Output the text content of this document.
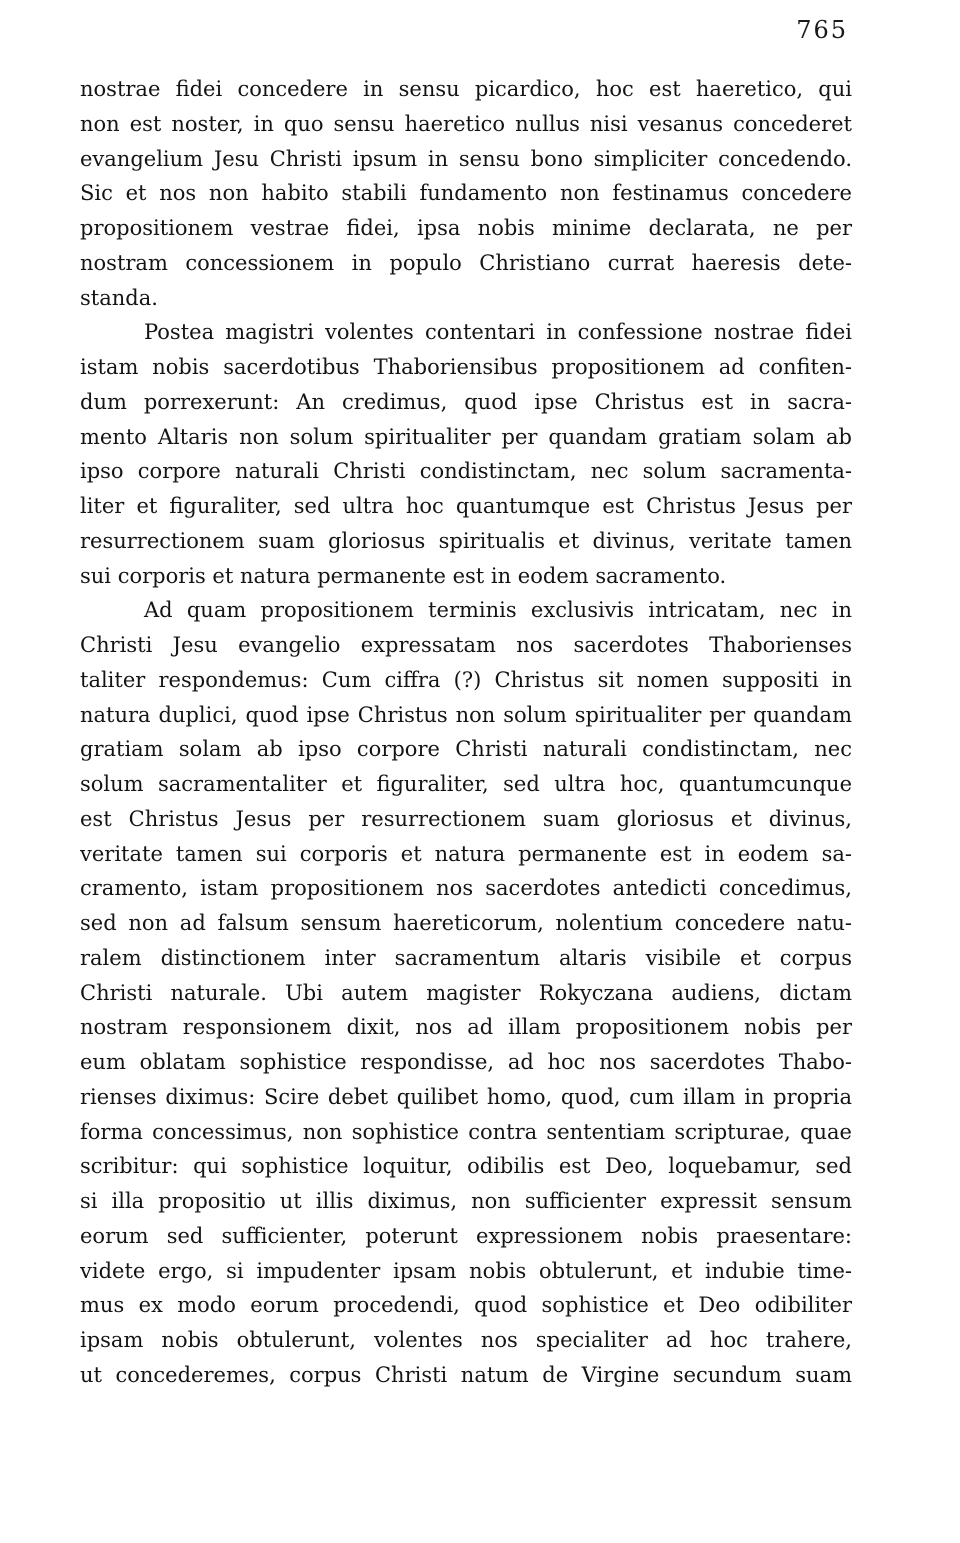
765
nostrae fidei concedere in sensu picardico, hoc est haeretico, qui
non est noster, in quo sensu haeretico nullus nisi vesanus concederet
evangelium Jesu Christi ipsum in sensu bono simpliciter concedendo.
Sic et nos non habito stabili fundamento non festinamus concedere
propositionem vestrae fidei, ipsa nobis minime declarata, ne per
nostram concessionem in populo Christiano currat haeresis dete-
standa.
Postea magistri volentes contentari in confessione nostrae fidei
istam nobis sacerdotibus Thaboriensibus propositionem ad confiten-
dum porrexerunt: An credimus, quod ipse Christus est in sacra-
mento Altaris non solum spiritualiter per quandam gratiam solam ab
ipso corpore naturali Christi condistinctam, nec solum sacramenta-
liter et figuraliter, sed ultra hoc quantumque est Christus Jesus per
resurrectionem suam gloriosus spiritualis et divinus, veritate tamen
sui corporis et natura permanente est in eodem sacramento.
Ad quam propositionem terminis exclusivis intricatam, nec in
Christi Jesu evangelio expressatam nos sacerdotes Thaborienses
taliter respondemus: Cum ciffra (?) Christus sit nomen suppositi in
natura duplici, quod ipse Christus non solum spiritualiter per quandam
gratiam solam ab ipso corpore Christi naturali condistinctam, nec
solum sacramentaliter et figuraliter, sed ultra hoc, quantumcunque
est Christus Jesus per resurrectionem suam gloriosus et divinus,
veritate tamen sui corporis et natura permanente est in eodem sa-
cramento, istam propositionem nos sacerdotes antedicti concedimus,
sed non ad falsum sensum haereticorum, nolentium concedere natu-
ralem distinctionem inter sacramentum altaris visibile et corpus
Christi naturale. Ubi autem magister Rokyczana audiens, dictam
nostram responsionem dixit, nos ad illam propositionem nobis per
eum oblatam sophistice respondisse, ad hoc nos sacerdotes Thabo-
rienses diximus: Scire debet quilibet homo, quod, cum illam in propria
forma concessimus, non sophistice contra sententiam scripturae, quae
scribitur: qui sophistice loquitur, odibilis est Deo, loquebamur, sed
si illa propositio ut illis diximus, non sufficienter expressit sensum
eorum sed sufficienter, poterunt expressionem nobis praesentare:
videte ergo, si impudenter ipsam nobis obtulerunt, et indubie time-
mus ex modo eorum procedendi, quod sophistice et Deo odibiliter
ipsam nobis obtulerunt, volentes nos specialiter ad hoc trahere,
ut concederemes, corpus Christi natum de Virgine secundum suam
